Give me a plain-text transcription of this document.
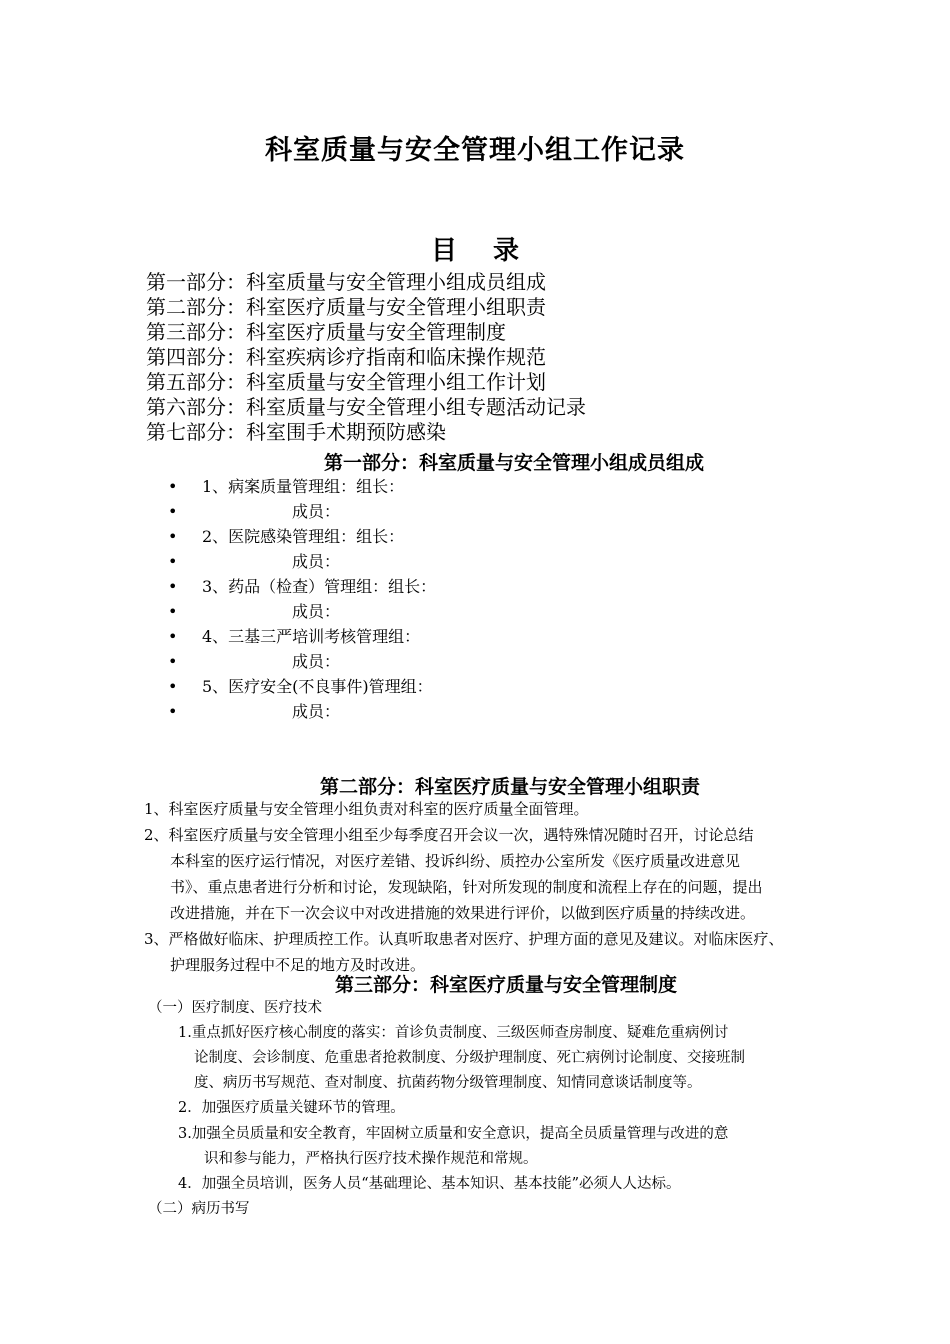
科室质量与安全管理小组工作记录
目录
第一部分：科室质量与安全管理小组成员组成
第二部分：科室医疗质量与安全管理小组职责
第三部分：科室医疗质量与安全管理制度
第四部分：科室疾病诊疗指南和临床操作规范
第五部分：科室质量与安全管理小组工作计划
第六部分：科室质量与安全管理小组专题活动记录
第七部分：科室围手术期预防感染
第一部分：科室质量与安全管理小组成员组成
• 1、病案质量管理组：组长：
•	成员：
• 2、医院感染管理组：组长：
•	成员：
• 3、药品（检查）管理组：组长：
•	成员：
• 4、三基三严培训考核管理组：
•	成员：
• 5、医疗安全(不良事件)管理组：
•	成员：
第二部分：科室医疗质量与安全管理小组职责
1、科室医疗质量与安全管理小组负责对科室的医疗质量全面管理。
2、科室医疗质量与安全管理小组至少每季度召开会议一次，遇特殊情况随时召开，讨论总结
本科室的医疗运行情况，对医疗差错、投诉纠纷、质控办公室所发《医疗质量改进意见
书》、重点患者进行分析和讨论，发现缺陷，针对所发现的制度和流程上存在的问题，提出
改进措施，并在下一次会议中对改进措施的效果进行评价，以做到医疗质量的持续改进。
3、严格做好临床、护理质控工作。认真听取患者对医疗、护理方面的意见及建议。对临床医疗、
护理服务过程中不足的地方及时改进。
第三部分：科室医疗质量与安全管理制度
（一）医疗制度、医疗技术
1.重点抓好医疗核心制度的落实：首诊负责制度、三级医师查房制度、疑难危重病例讨
论制度、会诊制度、危重患者抢救制度、分级护理制度、死亡病例讨论制度、交接班制
度、病历书写规范、查对制度、抗菌药物分级管理制度、知情同意谈话制度等。
2．加强医疗质量关键环节的管理。
3.加强全员质量和安全教育，牢固树立质量和安全意识，提高全员质量管理与改进的意
识和参与能力，严格执行医疗技术操作规范和常规。
4．加强全员培训，医务人员“基础理论、基本知识、基本技能”必须人人达标。
（二）病历书写
